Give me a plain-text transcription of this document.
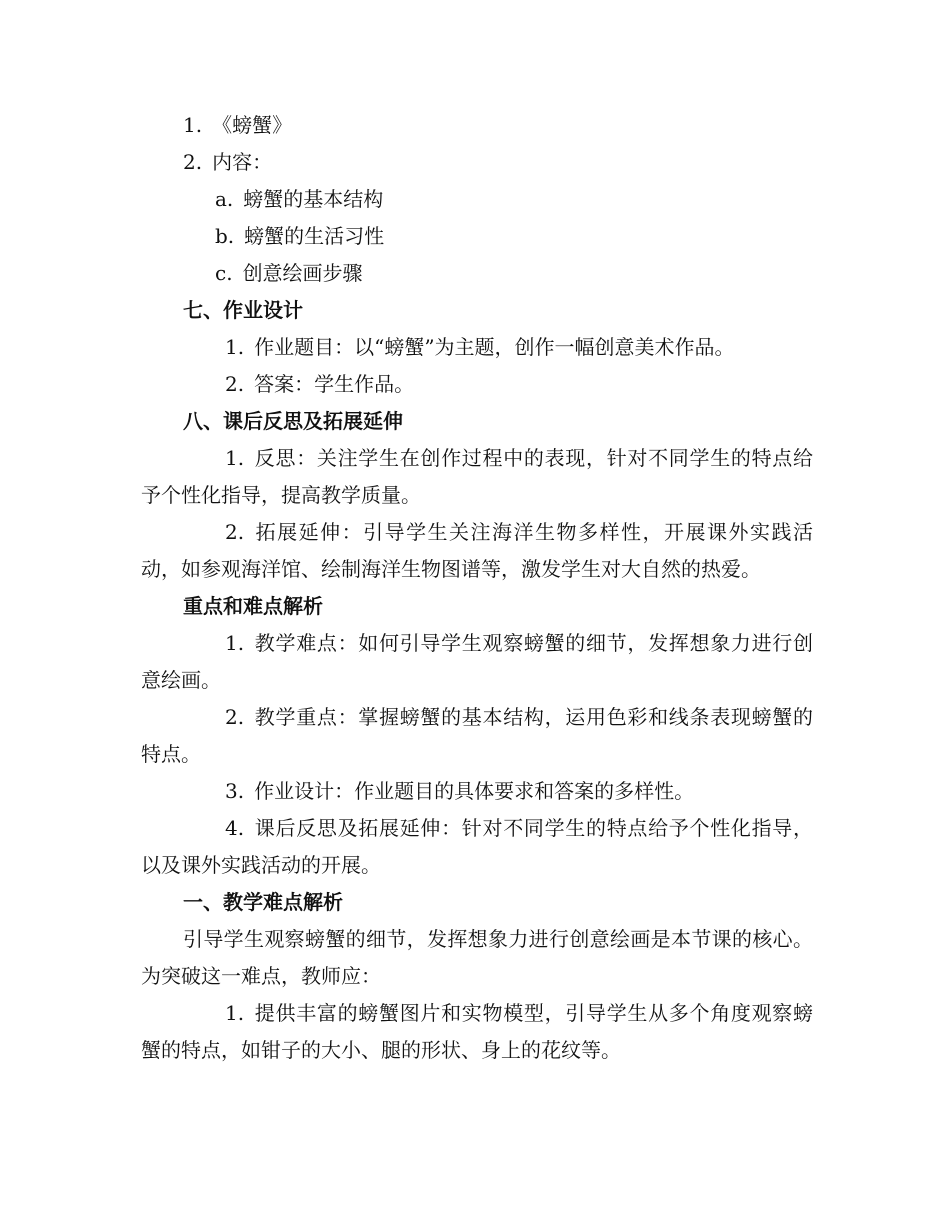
1. 《螃蟹》

2. 内容：

a. 螃蟹的基本结构

b. 螃蟹的生活习性

c. 创意绘画步骤

七、作业设计

1. 作业题目：以“螃蟹”为主题，创作一幅创意美术作品。

2. 答案：学生作品。

八、课后反思及拓展延伸

1. 反思：关注学生在创作过程中的表现，针对不同学生的特点给予个性化指导，提高教学质量。

2. 拓展延伸：引导学生关注海洋生物多样性，开展课外实践活动，如参观海洋馆、绘制海洋生物图谱等，激发学生对大自然的热爱。

重点和难点解析

1. 教学难点：如何引导学生观察螃蟹的细节，发挥想象力进行创意绘画。

2. 教学重点：掌握螃蟹的基本结构，运用色彩和线条表现螃蟹的特点。

3. 作业设计：作业题目的具体要求和答案的多样性。

4. 课后反思及拓展延伸：针对不同学生的特点给予个性化指导，以及课外实践活动的开展。

一、教学难点解析

引导学生观察螃蟹的细节，发挥想象力进行创意绘画是本节课的核心。为突破这一难点，教师应：

1. 提供丰富的螃蟹图片和实物模型，引导学生从多个角度观察螃蟹的特点，如钳子的大小、腿的形状、身上的花纹等。
